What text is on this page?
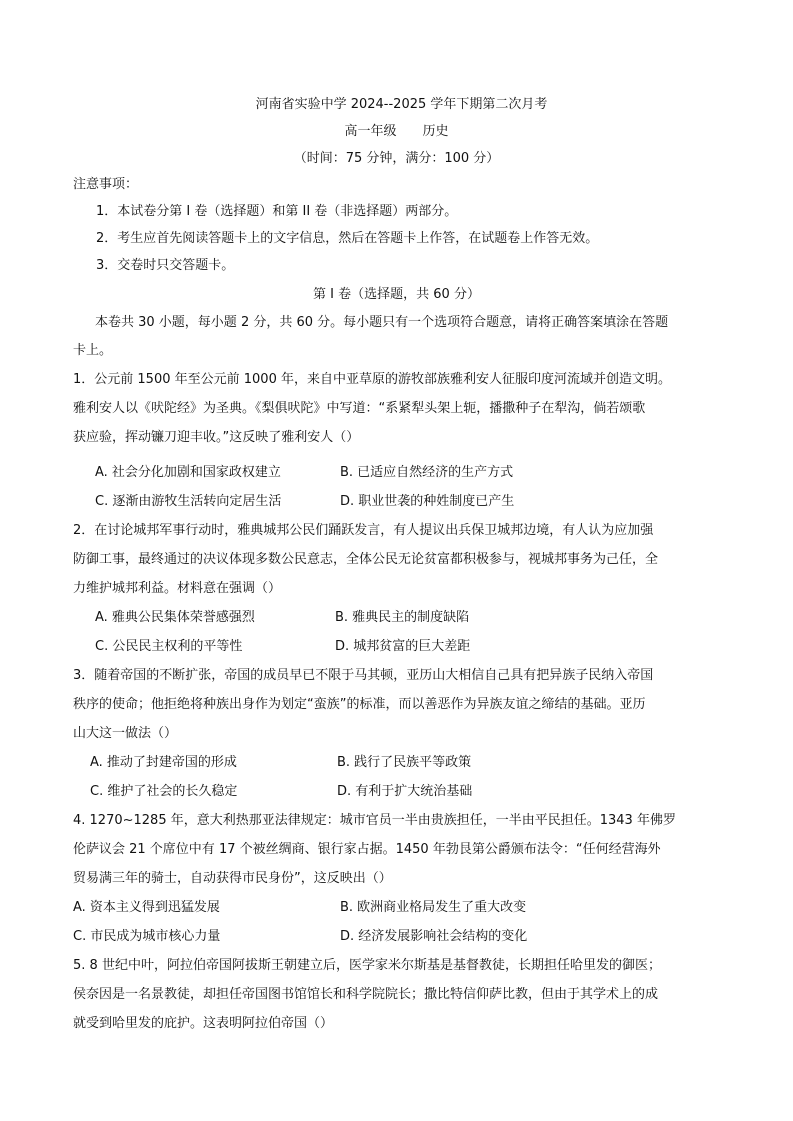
河南省实验中学 2024--2025 学年下期第二次月考
高一年级　　历史
（时间：75 分钟，满分：100 分）
注意事项：
1．本试卷分第 I 卷（选择题）和第 II 卷（非选择题）两部分。
2．考生应首先阅读答题卡上的文字信息，然后在答题卡上作答，在试题卷上作答无效。
3．交卷时只交答题卡。
第 I 卷（选择题，共 60 分）
本卷共 30 小题，每小题 2 分，共 60 分。每小题只有一个选项符合题意，请将正确答案填涂在答题
卡上。
1．公元前 1500 年至公元前 1000 年，来自中亚草原的游牧部族雅利安人征服印度河流域并创造文明。
雅利安人以《吠陀经》为圣典。《梨俱吠陀》中写道：“系紧犁头架上轭，播撒种子在犁沟，倘若颂歌
获应验，挥动镰刀迎丰收。”这反映了雅利安人（）
A. 社会分化加剧和国家政权建立	B. 已适应自然经济的生产方式
C. 逐渐由游牧生活转向定居生活	D. 职业世袭的种姓制度已产生
2．在讨论城邦军事行动时，雅典城邦公民们踊跃发言，有人提议出兵保卫城邦边境，有人认为应加强
防御工事，最终通过的决议体现多数公民意志，全体公民无论贫富都积极参与，视城邦事务为己任，全
力维护城邦利益。材料意在强调（）
A. 雅典公民集体荣誉感强烈	B. 雅典民主的制度缺陷
C. 公民民主权利的平等性	D. 城邦贫富的巨大差距
3．随着帝国的不断扩张，帝国的成员早已不限于马其顿，亚历山大相信自己具有把异族子民纳入帝国
秩序的使命；他拒绝将种族出身作为划定“蛮族”的标准，而以善恶作为异族友谊之缔结的基础。亚历
山大这一做法（）
A. 推动了封建帝国的形成	B. 践行了民族平等政策
C. 维护了社会的长久稳定	D. 有利于扩大统治基础
4. 1270~1285 年，意大利热那亚法律规定：城市官员一半由贵族担任，一半由平民担任。1343 年佛罗
伦萨议会 21 个席位中有 17 个被丝绸商、银行家占据。1450 年勃艮第公爵颁布法令：“任何经营海外
贸易满三年的骑士，自动获得市民身份”，这反映出（）
A. 资本主义得到迅猛发展	B. 欧洲商业格局发生了重大改变
C. 市民成为城市核心力量	D. 经济发展影响社会结构的变化
5. 8 世纪中叶，阿拉伯帝国阿拔斯王朝建立后，医学家米尔斯基是基督教徒，长期担任哈里发的御医；
侯奈因是一名景教徒，却担任帝国图书馆馆长和科学院院长；撒比特信仰萨比教，但由于其学术上的成
就受到哈里发的庇护。这表明阿拉伯帝国（）
